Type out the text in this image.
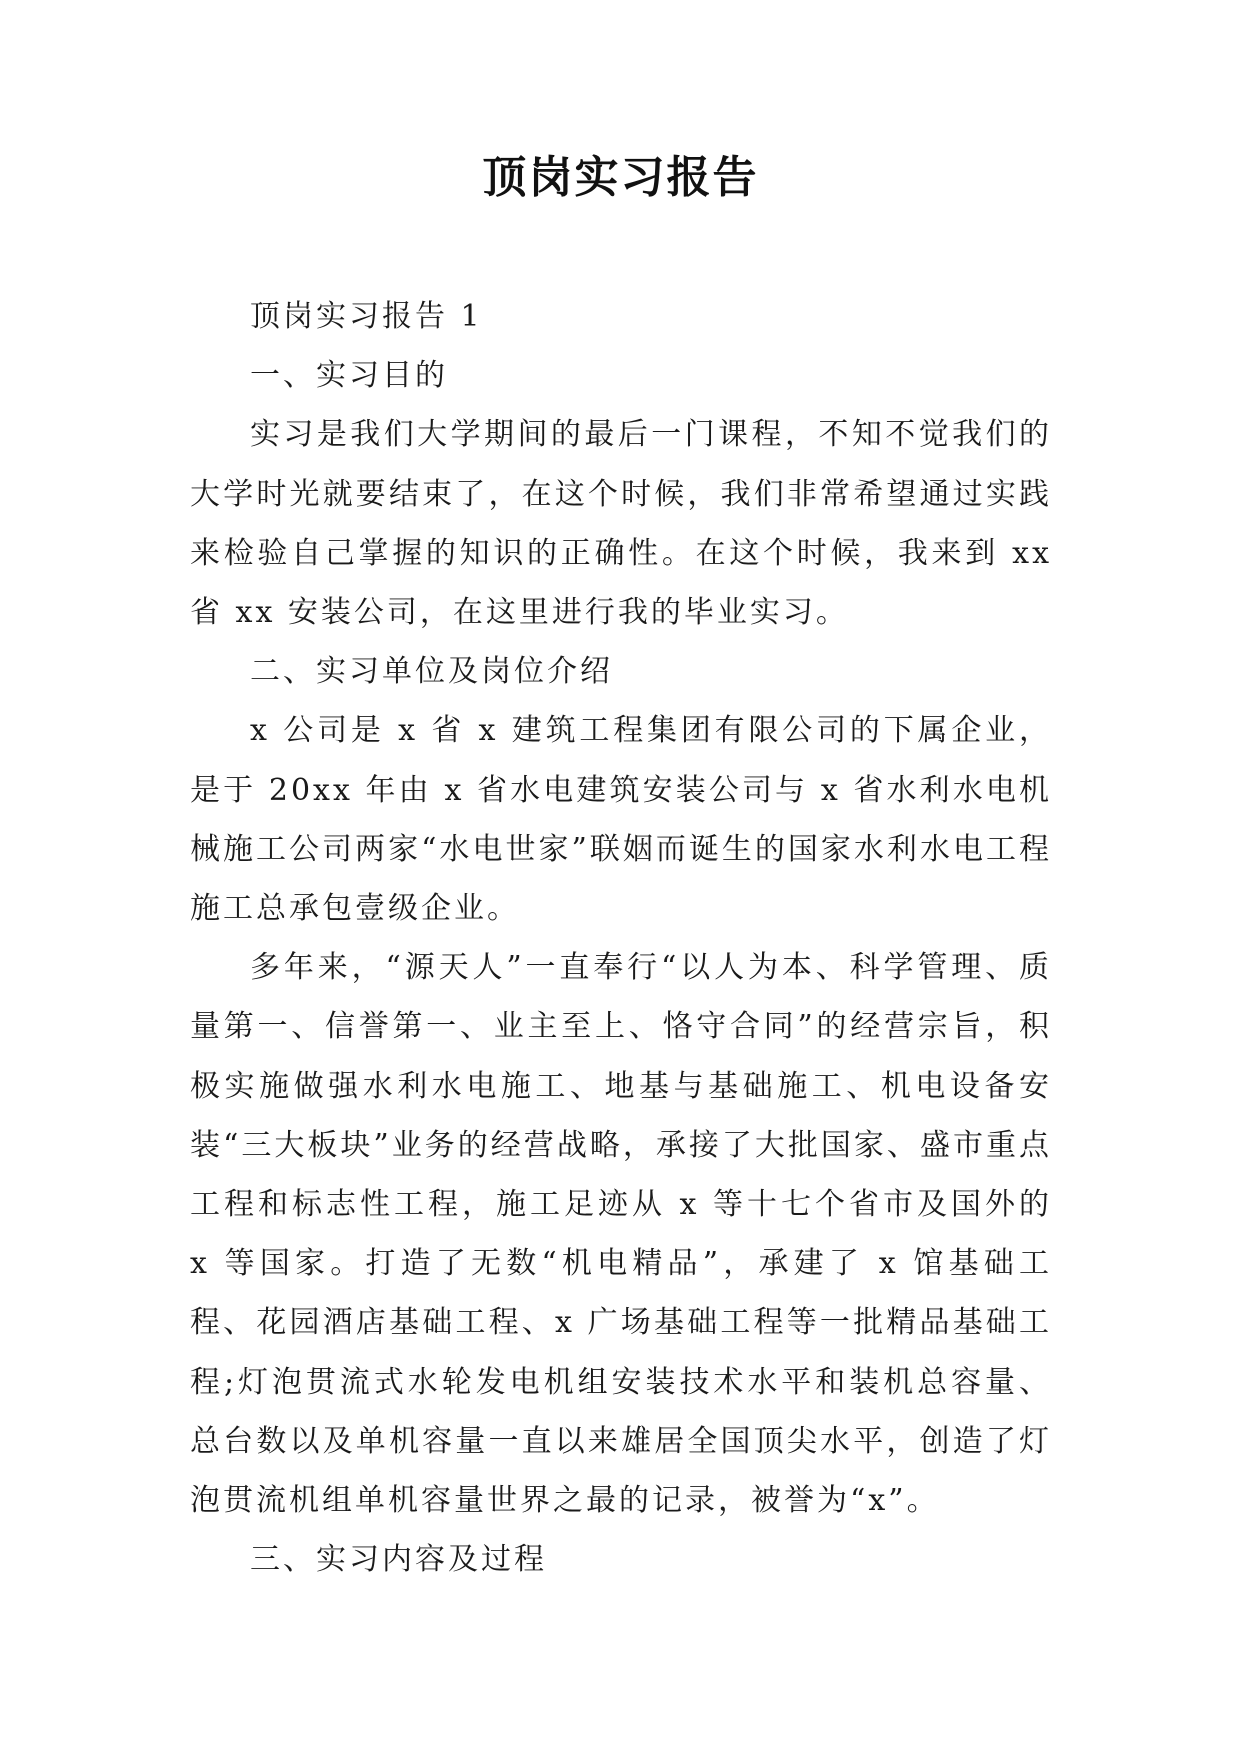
顶岗实习报告

顶岗实习报告 1

一、实习目的

实习是我们大学期间的最后一门课程，不知不觉我们的大学时光就要结束了，在这个时候，我们非常希望通过实践来检验自己掌握的知识的正确性。在这个时候，我来到 xx 省 xx 安装公司，在这里进行我的毕业实习。

二、实习单位及岗位介绍

x 公司是 x 省 x 建筑工程集团有限公司的下属企业，是于 20xx 年由 x 省水电建筑安装公司与 x 省水利水电机械施工公司两家“水电世家”联姻而诞生的国家水利水电工程施工总承包壹级企业。

多年来，“源天人”一直奉行“以人为本、科学管理、质量第一、信誉第一、业主至上、恪守合同”的经营宗旨，积极实施做强水利水电施工、地基与基础施工、机电设备安装“三大板块”业务的经营战略，承接了大批国家、盛市重点工程和标志性工程，施工足迹从 x 等十七个省市及国外的 x 等国家。打造了无数“机电精品”，承建了 x 馆基础工程、花园酒店基础工程、x 广场基础工程等一批精品基础工程;灯泡贯流式水轮发电机组安装技术水平和装机总容量、总台数以及单机容量一直以来雄居全国顶尖水平，创造了灯泡贯流机组单机容量世界之最的记录，被誉为“x”。

三、实习内容及过程
